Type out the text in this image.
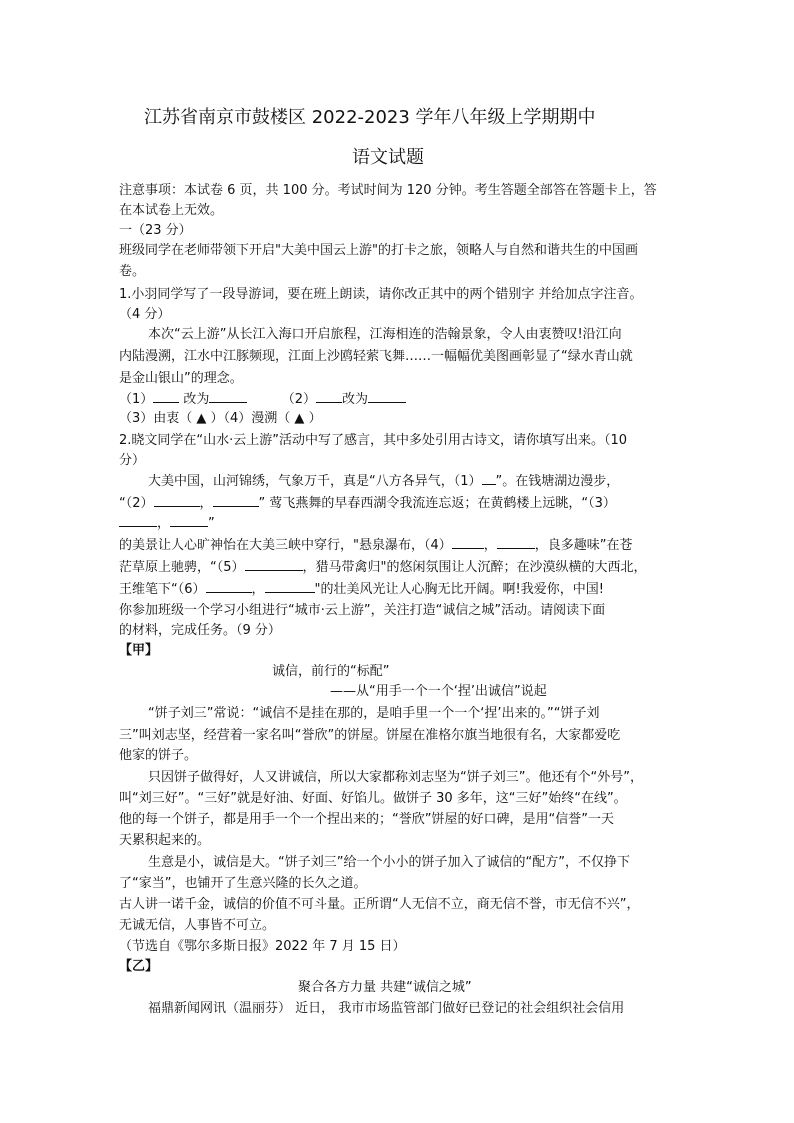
江苏省南京市鼓楼区 2022-2023 学年八年级上学期期中
语文试题
注意事项：本试卷 6 页，共 100 分。考试时间为 120 分钟。考生答题全部答在答题卡上，答
在本试卷上无效。
一（23 分）
班级同学在老师带领下开启"大美中国云上游"的打卡之旅，领略人与自然和谐共生的中国画
卷。
1.小羽同学写了一段导游词，要在班上朗读，请你改正其中的两个错别字 并给加点字注音。
（4 分）
本次“云上游”从长江入海口开启旅程，江海相连的浩翰景象，令人由衷赞叹!沿江向
内陆漫溯，江水中江豚频现，江面上沙鸥轻萦飞舞……一幅幅优美图画彰显了“绿水青山就
是金山银山”的理念。
（1） 改为	（2） 改为
（3）由衷（ ▲ ）（4）漫溯（ ▲ ）
2.晓文同学在“山水·云上游”活动中写了感言，其中多处引用古诗文，请你填写出来。（10
分）
大美中国，山河锦绣，气象万千，真是“八方各异气，（1） ”。在钱塘湖边漫步，
“（2）	，	” 莺飞燕舞的早春西湖令我流连忘返；在黄鹤楼上远眺，“（3）
，	”
的美景让人心旷神怡在大美三峡中穿行，"悬泉瀑布，（4） ，	，良多趣味”在苍
茫草原上驰骋，“（5）	，猎马带禽归"的悠闲氛围让人沉醉；在沙漠纵横的大西北，
王维笔下“（6）	，	"的壮美风光让人心胸无比开阔。啊!我爱你，中国!
你参加班级一个学习小组进行“城市·云上游”，关注打造“诚信之城”活动。请阅读下面
的材料，完成任务。（9 分）
【甲】
诚信，前行的“标配”
——从“用手一个一个‘捏’出诚信”说起
“饼子刘三”常说：“诚信不是挂在那的，是咱手里一个一个‘捏’出来的。”“饼子刘
三”叫刘志坚，经营着一家名叫“誉欣”的饼屋。饼屋在准格尔旗当地很有名，大家都爱吃
他家的饼子。
只因饼子做得好，人又讲诚信，所以大家都称刘志坚为“饼子刘三”。他还有个“外号”，
叫“刘三好”。“三好”就是好油、好面、好馅儿。做饼子 30 多年，这“三好”始终“在线”。
他的每一个饼子，都是用手一个一个捏出来的；“誉欣”饼屋的好口碑，是用“信誉”一天
天累积起来的。
生意是小，诚信是大。“饼子刘三”给一个小小的饼子加入了诚信的“配方”，不仅挣下
了“家当”，也铺开了生意兴隆的长久之道。
古人讲一诺千金，诚信的价值不可斗量。正所谓“人无信不立，商无信不誉，市无信不兴”，
无诚无信，人事皆不可立。
（节选自《鄂尔多斯日报》2022 年 7 月 15 日）
【乙】
聚合各方力量 共建“诚信之城”
福鼎新闻网讯（温丽芬） 近日， 我市市场监管部门做好已登记的社会组织社会信用
